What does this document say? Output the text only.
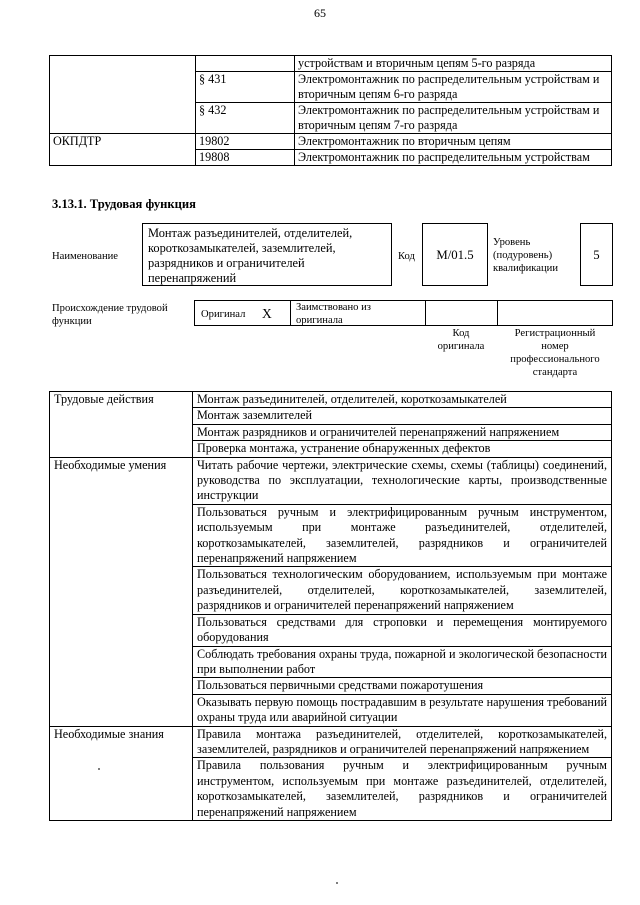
65
		устройствам и вторичным цепям 5-го разряда
	§ 431	Электромонтажник по распределительным устройствам и вторичным цепям 6-го разряда
	§ 432	Электромонтажник по распределительным устройствам и вторичным цепям 7-го разряда
ОКПДТР	19802	Электромонтажник по вторичным цепям
	19808	Электромонтажник по распределительным устройствам
3.13.1. Трудовая функция
Наименование
Монтаж разъединителей, отделителей, короткозамыкателей, заземлителей, разрядников и ограничителей перенапряжений
Код	М/01.5
Уровень (подуровень) квалификации
5
Происхождение трудовой функции
Оригинал X Заимствовано из оригинала
Код оригинала
Регистрационный номер профессионального стандарта
Трудовые действия	Монтаж разъединителей, отделителей, короткозамыкателей
	Монтаж заземлителей
	Монтаж разрядников и ограничителей перенапряжений напряжением
	Проверка монтажа, устранение обнаруженных дефектов
Необходимые умения	Читать рабочие чертежи, электрические схемы, схемы (таблицы) соединений, руководства по эксплуатации, технологические карты, производственные инструкции
	Пользоваться ручным и электрифицированным ручным инструментом, используемым при монтаже разъединителей, отделителей, короткозамыкателей, заземлителей, разрядников и ограничителей перенапряжений напряжением
	Пользоваться технологическим оборудованием, используемым при монтаже разъединителей, отделителей, короткозамыкателей, заземлителей, разрядников и ограничителей перенапряжений напряжением
	Пользоваться средствами для строповки и перемещения монтируемого оборудования
	Соблюдать требования охраны труда, пожарной и экологической безопасности при выполнении работ
	Пользоваться первичными средствами пожаротушения
	Оказывать первую помощь пострадавшим в результате нарушения требований охраны труда или аварийной ситуации
Необходимые знания	Правила монтажа разъединителей, отделителей, короткозамыкателей, заземлителей, разрядников и ограничителей перенапряжений напряжением
	Правила пользования ручным и электрифицированным ручным инструментом, используемым при монтаже разъединителей, отделителей, короткозамыкателей, заземлителей, разрядников и ограничителей перенапряжений напряжением
